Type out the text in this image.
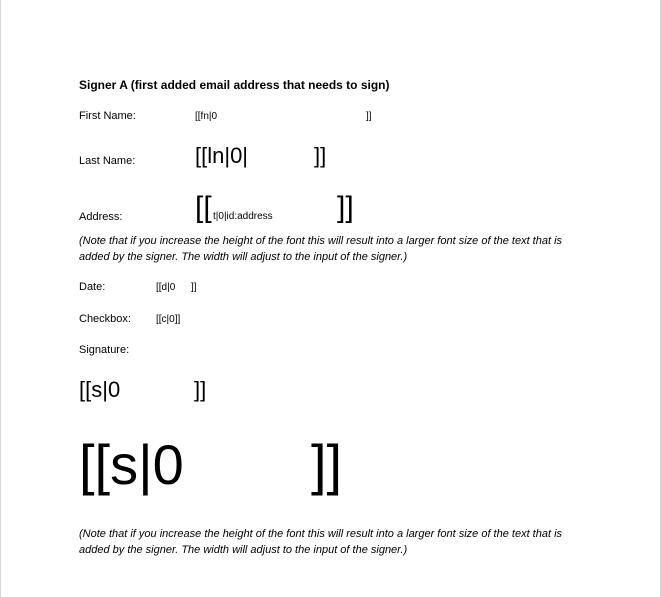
Signer A (first added email address that needs to sign)
First Name:	[[fn|0	]]
Last Name:	[[ln|0|	]]
Address: [[ t|0|id:address ]]
(Note that if you increase the height of the font this will result into a larger font size of the text that is added by the signer. The width will adjust to the input of the signer.)
Date:	[[d|0 ]]
Checkbox:	[[c|0]]
Signature:
[[s|0	]]
[[s|0 ]]
(Note that if you increase the height of the font this will result into a larger font size of the text that is added by the signer. The width will adjust to the input of the signer.)
